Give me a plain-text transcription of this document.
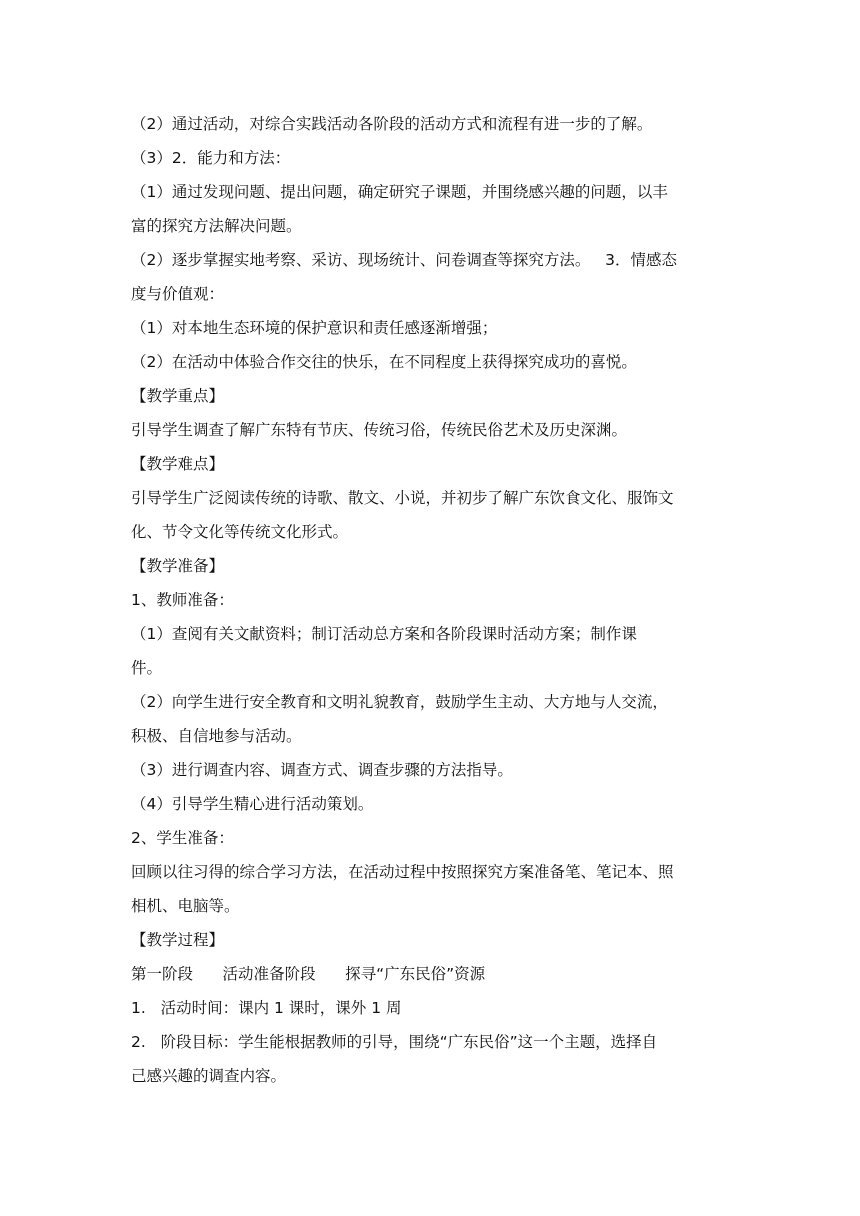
（2）通过活动，对综合实践活动各阶段的活动方式和流程有进一步的了解。
（3）2．能力和方法：
（1）通过发现问题、提出问题，确定研究子课题，并围绕感兴趣的问题，以丰
富的探究方法解决问题。
（2）逐步掌握实地考察、采访、现场统计、问卷调查等探究方法。   3．情感态
度与价值观：
（1）对本地生态环境的保护意识和责任感逐渐增强；
（2）在活动中体验合作交往的快乐，在不同程度上获得探究成功的喜悦。
【教学重点】
引导学生调查了解广东特有节庆、传统习俗，传统民俗艺术及历史深渊。
【教学难点】
引导学生广泛阅读传统的诗歌、散文、小说，并初步了解广东饮食文化、服饰文
化、节令文化等传统文化形式。
【教学准备】
1、教师准备：
（1）查阅有关文献资料；制订活动总方案和各阶段课时活动方案；制作课
件。
（2）向学生进行安全教育和文明礼貌教育，鼓励学生主动、大方地与人交流，
积极、自信地参与活动。
（3）进行调查内容、调查方式、调查步骤的方法指导。
（4）引导学生精心进行活动策划。
2、学生准备：
回顾以往习得的综合学习方法，在活动过程中按照探究方案准备笔、笔记本、照
相机、电脑等。
【教学过程】
第一阶段      活动准备阶段      探寻“广东民俗”资源
1.   活动时间：课内 1 课时，课外 1 周
2.   阶段目标：学生能根据教师的引导，围绕“广东民俗”这一个主题，选择自
己感兴趣的调查内容。
